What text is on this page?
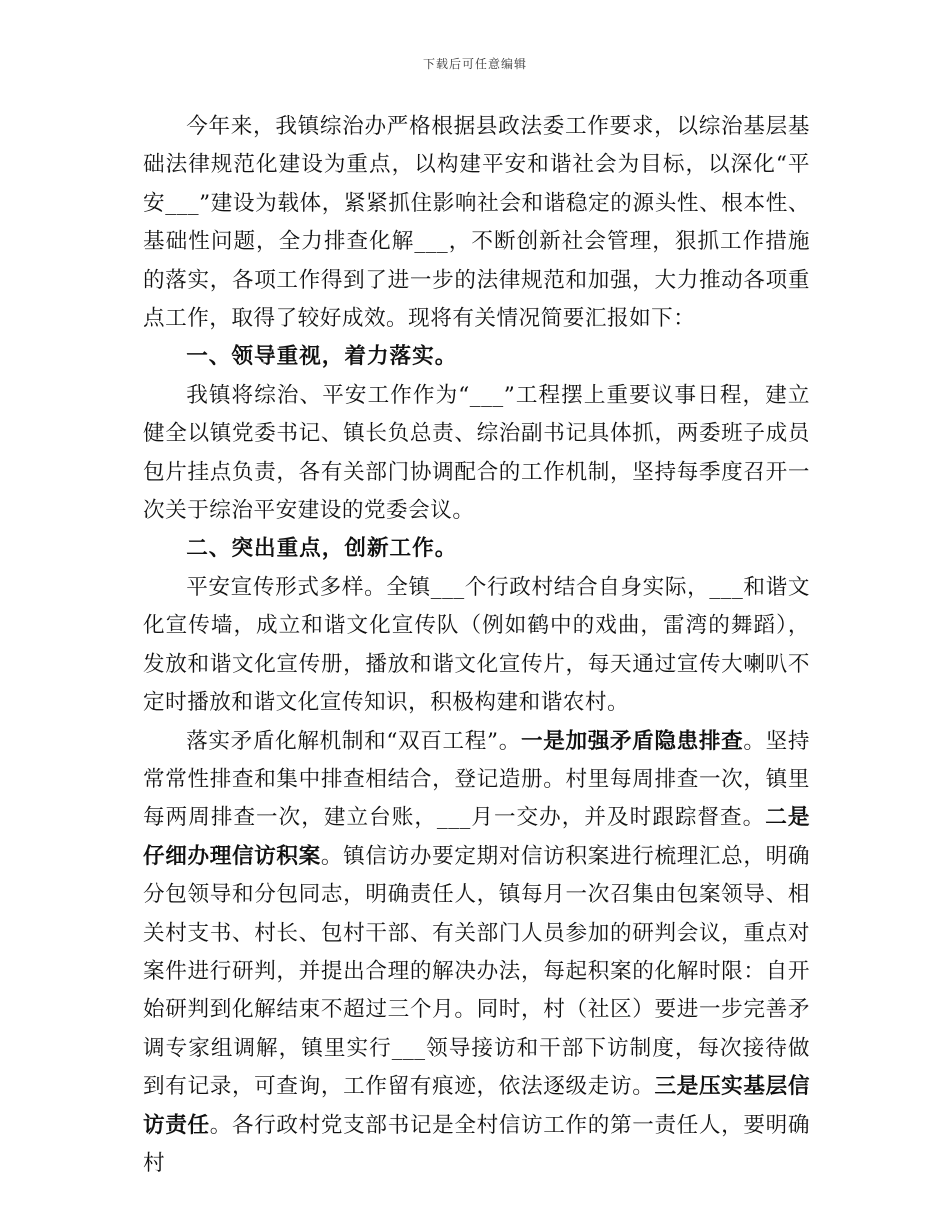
下载后可任意编辑

今年来，我镇综治办严格根据县政法委工作要求，以综治基层基础法律规范化建设为重点，以构建平安和谐社会为目标，以深化“平安___”建设为载体，紧紧抓住影响社会和谐稳定的源头性、根本性、基础性问题，全力排查化解___，不断创新社会管理，狠抓工作措施的落实，各项工作得到了进一步的法律规范和加强，大力推动各项重点工作，取得了较好成效。现将有关情况简要汇报如下：

一、领导重视，着力落实。

我镇将综治、平安工作作为“___”工程摆上重要议事日程，建立健全以镇党委书记、镇长负总责、综治副书记具体抓，两委班子成员包片挂点负责，各有关部门协调配合的工作机制，坚持每季度召开一次关于综治平安建设的党委会议。

二、突出重点，创新工作。

平安宣传形式多样。全镇___个行政村结合自身实际，___和谐文化宣传墙，成立和谐文化宣传队（例如鹤中的戏曲，雷湾的舞蹈），发放和谐文化宣传册，播放和谐文化宣传片，每天通过宣传大喇叭不定时播放和谐文化宣传知识，积极构建和谐农村。

落实矛盾化解机制和“双百工程”。一是加强矛盾隐患排查。坚持常常性排查和集中排查相结合，登记造册。村里每周排查一次，镇里每两周排查一次，建立台账，___月一交办，并及时跟踪督查。二是仔细办理信访积案。镇信访办要定期对信访积案进行梳理汇总，明确分包领导和分包同志，明确责任人，镇每月一次召集由包案领导、相关村支书、村长、包村干部、有关部门人员参加的研判会议，重点对案件进行研判，并提出合理的解决办法，每起积案的化解时限：自开始研判到化解结束不超过三个月。同时，村（社区）要进一步完善矛调专家组调解，镇里实行___领导接访和干部下访制度，每次接待做到有记录，可查询，工作留有痕迹，依法逐级走访。三是压实基层信访责任。各行政村党支部书记是全村信访工作的第一责任人，要明确村
